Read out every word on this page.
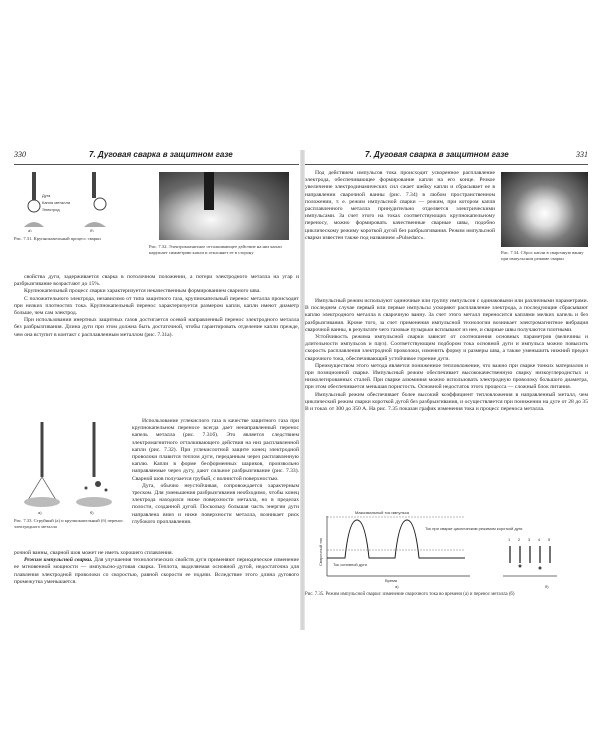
330	7. Дуговая сварка в защитном газе
Дуга
Капля металла
Электрод
а)	б)
Рис. 7.31. Крупнокапельный процесс сварки
Рис. 7.32. Электромагнитное отталкивающее действие на низ капли нарушает симметрию капли и отклоняет ее в сторону

свойства дуги, задерживается сварка в потолочном положении, а потери электродного металла на угар и разбрызгивание возрастают до 15%.

Крупнокапельный процесс сварки характеризуется некачественным формированием сварного шва.

С положительного электрода, независимо от типа защитного газа, крупнокапельный перенос металла происходит при низких плотностях тока. Крупнокапельный перенос характеризуется размером капли, капли имеют диаметр больше, чем сам электрод.

При использовании инертных защитных газов достигается осевой направленный перенос электродного металла без разбрызгивания. Длина дуги при этом должна быть достаточной, чтобы гарантировать отделение капли прежде, чем она вступит в контакт с расплавленным металлом (рис. 7.31а).

а)	б)
Рис. 7.33. Струйный (а) и крупнокапельный (б) перенос электродного металла

Использование углекислого газа в качестве защитного газа при крупнокапельном переносе всегда дает ненаправленный перенос капель металла (рис. 7.31б). Это является следствием электромагнитного отталкивающего действия на низ расплавленной капли (рис. 7.32). При углекислотной защите конец электродной проволоки плавится теплом дуги, переданным через расплавленную каплю. Капли в форме бесформенных шариков, произвольно направляемые через дугу, дают сильное разбрызгивание (рис. 7.33). Сварной шов получается грубый, с волнистой поверхностью.

Дуга, обычно неустойчивая, сопровождается характерным треском. Для уменьшения разбрызгивания необходимо, чтобы конец электрода находился ниже поверхности металла, но в пределах полости, созданной дугой. Поскольку большая часть энергии дуги направлена вниз и ниже поверхности металла, возникает риск глубокого проплавления.

рочной ванны, сварной шов может не иметь хорошего сплавления.

Режим импульсной сварки. Для улучшения технологических свойств дуги применяют периодическое изменение ее мгновенной мощности — импульсно-дуговая сварка. Теплота, выделяемая основной дугой, недостаточна для плавления электродной проволоки со скоростью, равной скорости ее подачи. Вследствие этого длина дугового промежутка уменьшается.

7. Дуговая сварка в защитном газе	331

Под действием импульсов тока происходит ускоренное расплавление электрода, обеспечивающее формирование капли на его конце. Резкое увеличение электродинамических сил сжает шейку капли и сбрасывает ее в направлении сварочной ванны (рис. 7.34) в любом пространственном положении, т. е. режим импульсной сварки — режим, при котором капля расплавленного металла принудительно отделяется электрическими импульсами. За счет этого на токах соответствующих крупнокапельному переносу, можно формировать качественные сварные швы, подобно циклическому режиму короткой дугой без разбрызгивания. Режим импульсной сварки известен также под названием «Pulsedarc».

Рис. 7.34. Сброс капли в сварочную ванну при импульсном режиме сварки

Импульсный режим используют одиночные или группу импульсов с одинаковыми или различными параметрами. В последнем случае первый или первые импульсы ускоряют расплавление электрода, а последующие сбрасывают каплю электродного металла в сварочную ванну. За счет этого металл переносится каплями мелких капель и без разбрызгивания. Кроме того, за счет применения импульсной технологии возникает электромагнитное вибрация сварочной ванны, в результате чего газовые пузырьки всплывают из нее, и сварные швы получаются плотными.

Устойчивость режима импульсной сварки зависит от соотношения основных параметров (величины и длительности импульсов и пауз). Соответствующим подбором тока основной дуги и импульса можно повысить скорость расплавления электродной проволоки, изменить форму и размеры шва, а также уменьшить нижний предел сварочного тока, обеспечивающий устойчивое горение дуги.

Преимуществом этого метода является пониженное тепловложение, что важно при сварке тонких материалов и при позиционной сварке. Импульсный режим обеспечивает высококачественную сварку низкоуглеродистых и низколегированных сталей. При сварке алюминия можно использовать электродную проволоку большого диаметра, при этом обеспечивается меньшая пористость. Основной недостаток этого процесса — сложный блок питания.

Импульсный режим обеспечивает более высокий коэффициент тепловложения в направленный металл, чем циклический режим сварки короткой дугой без разбрызгивания, и осуществляется при понижении на дуге от 28 до 35 В и токах от 300 до 350 А. На рис. 7.35 показан график изменения тока и процесс переноса металла.

Максимальный ток импульса
Сварочный ток	Ток основной дуги
Ток при сварке циклическим режимом короткой дуги
Время
а)
1 2 3 4 5
б)
Рис. 7.35. Режим импульсной сварки: изменение сварочного тока во времени (а) и перенос металла (б)
